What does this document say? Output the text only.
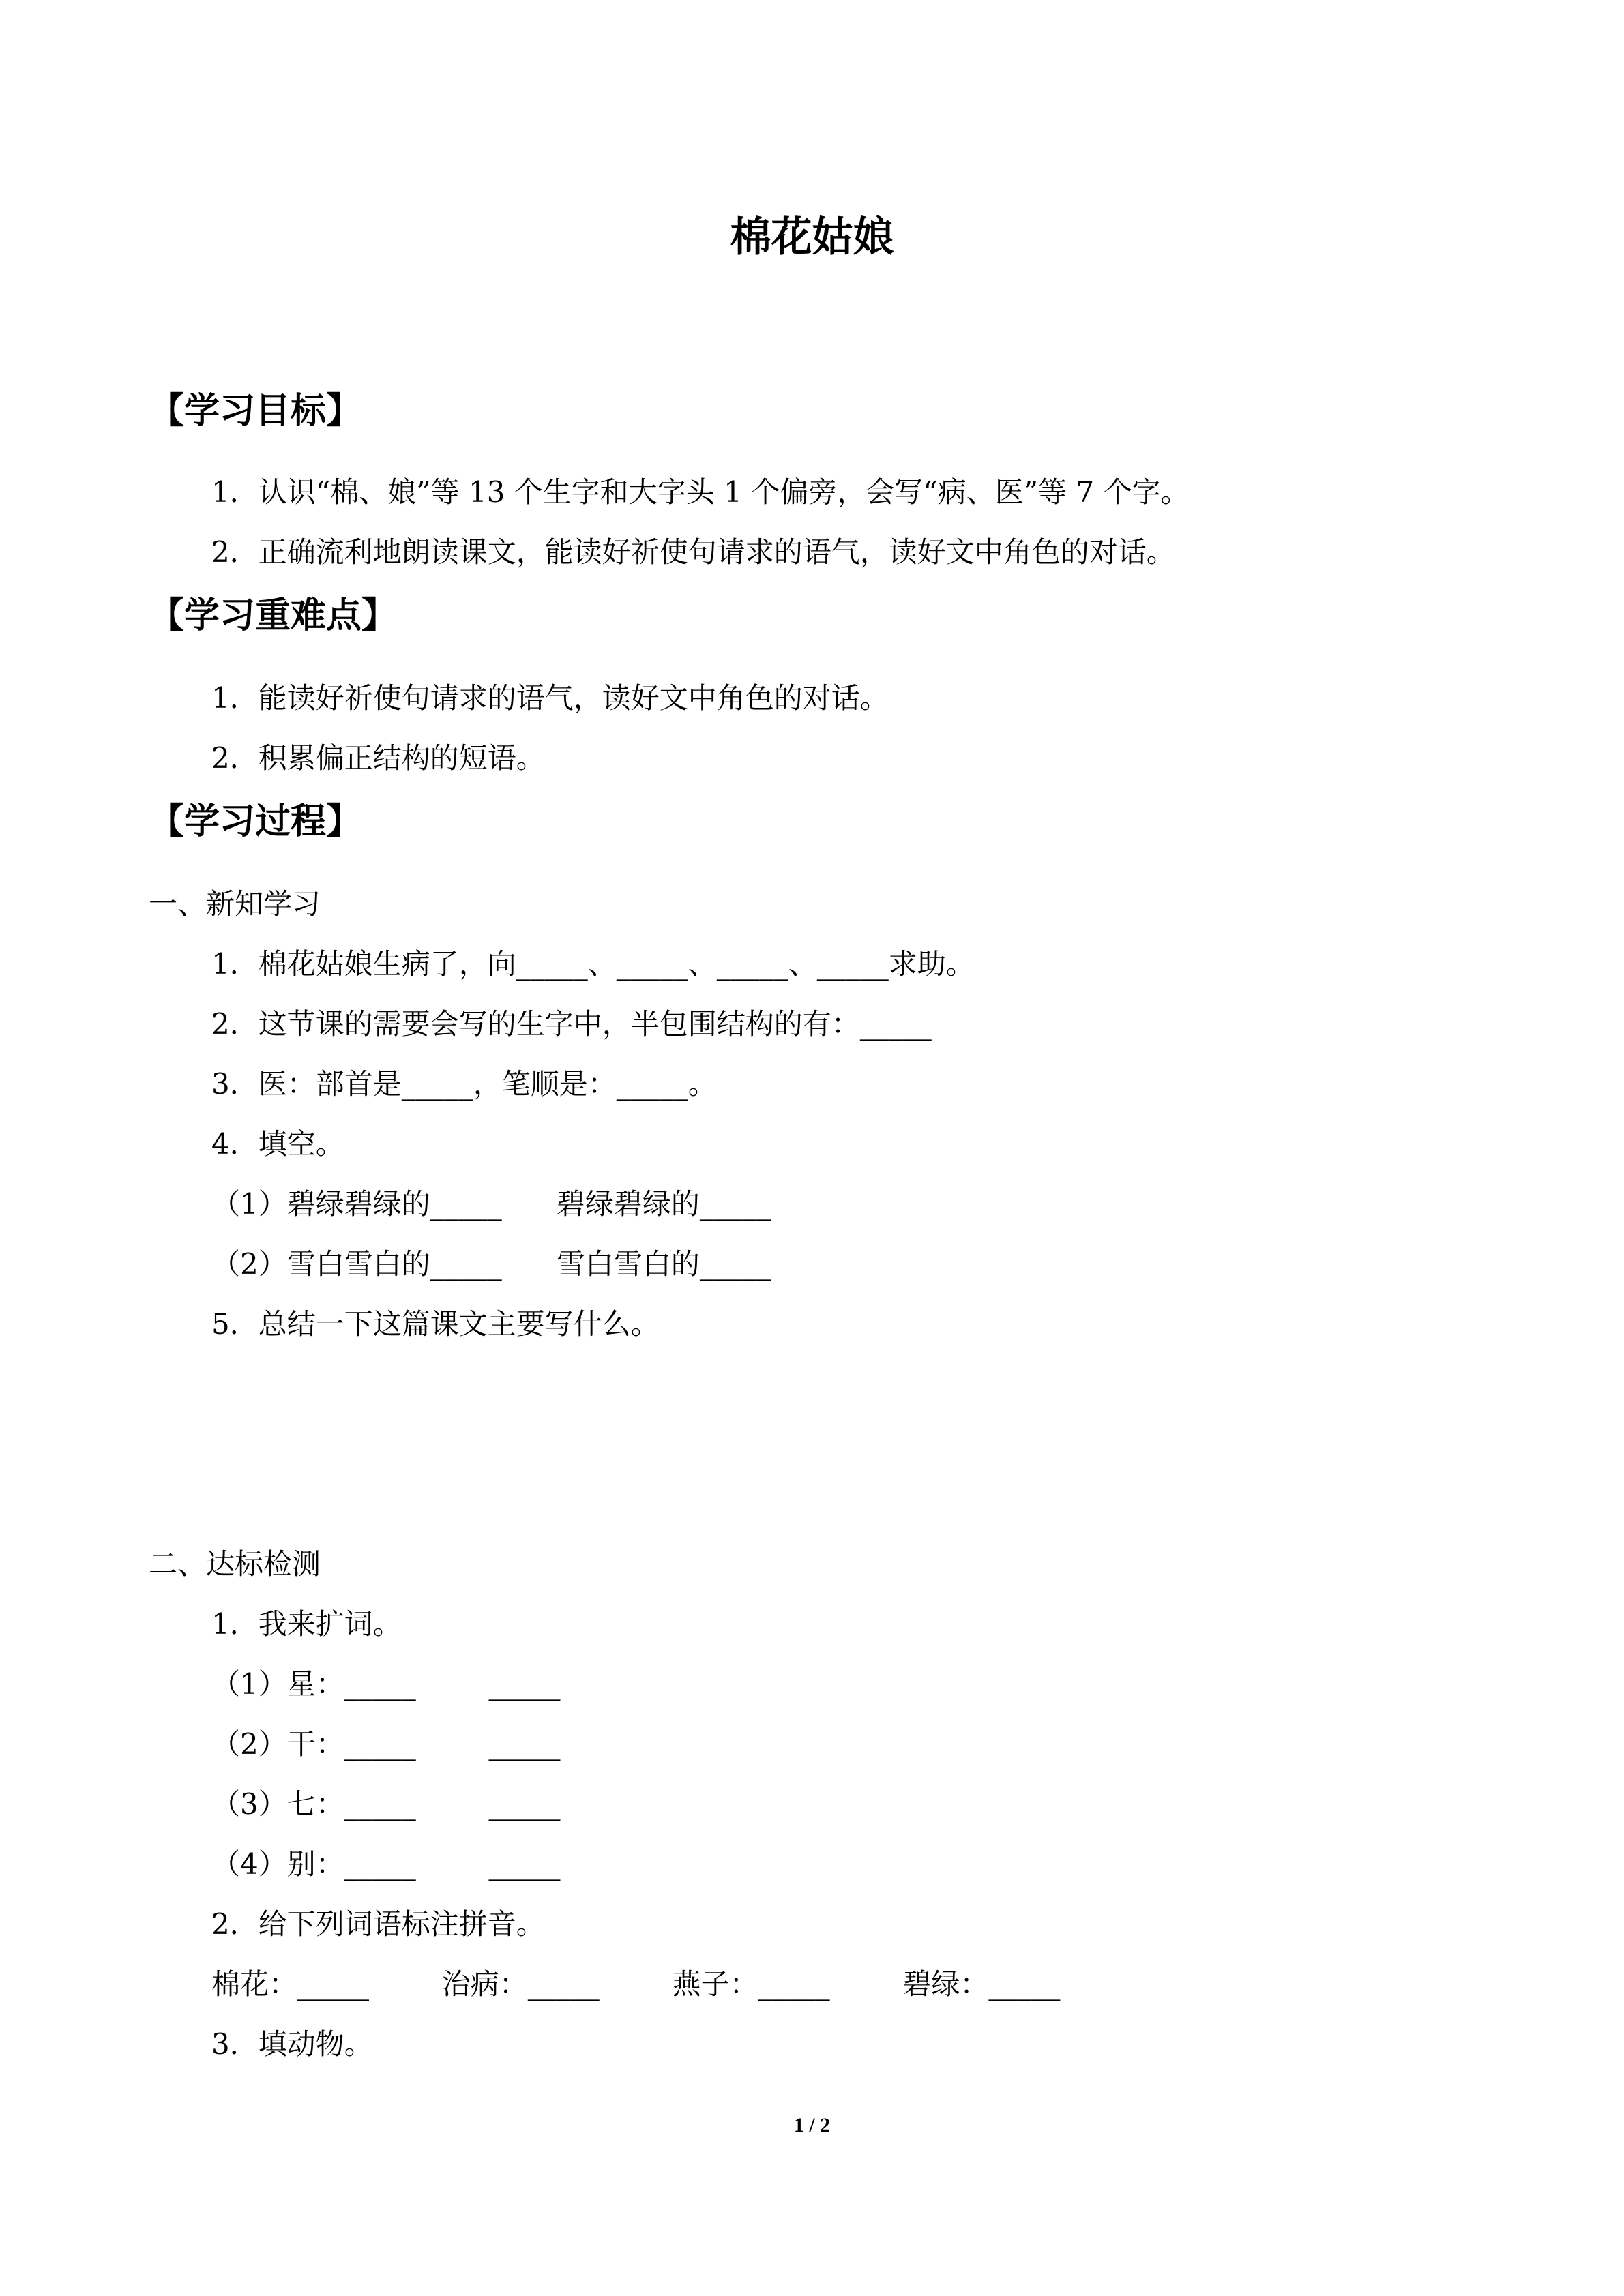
棉花姑娘
【学习目标】
1．认识“棉、娘”等 13 个生字和大字头 1 个偏旁，会写“病、医”等 7 个字。
2．正确流利地朗读课文，能读好祈使句请求的语气，读好文中角色的对话。
【学习重难点】
1．能读好祈使句请求的语气，读好文中角色的对话。
2．积累偏正结构的短语。
【学习过程】
一、新知学习
1．棉花姑娘生病了，向_____、_____、_____、_____求助。
2．这节课的需要会写的生字中，半包围结构的有：_____
3．医：部首是_____，笔顺是：_____。
4．填空。
（1）碧绿碧绿的_____      碧绿碧绿的_____
（2）雪白雪白的_____      雪白雪白的_____
5．总结一下这篇课文主要写什么。
二、达标检测
1．我来扩词。
（1）星：_____        _____
（2）干：_____        _____
（3）七：_____        _____
（4）别：_____        _____
2．给下列词语标注拼音。
棉花：_____        治病：_____        燕子：_____        碧绿：_____
3．填动物。
1 / 2
